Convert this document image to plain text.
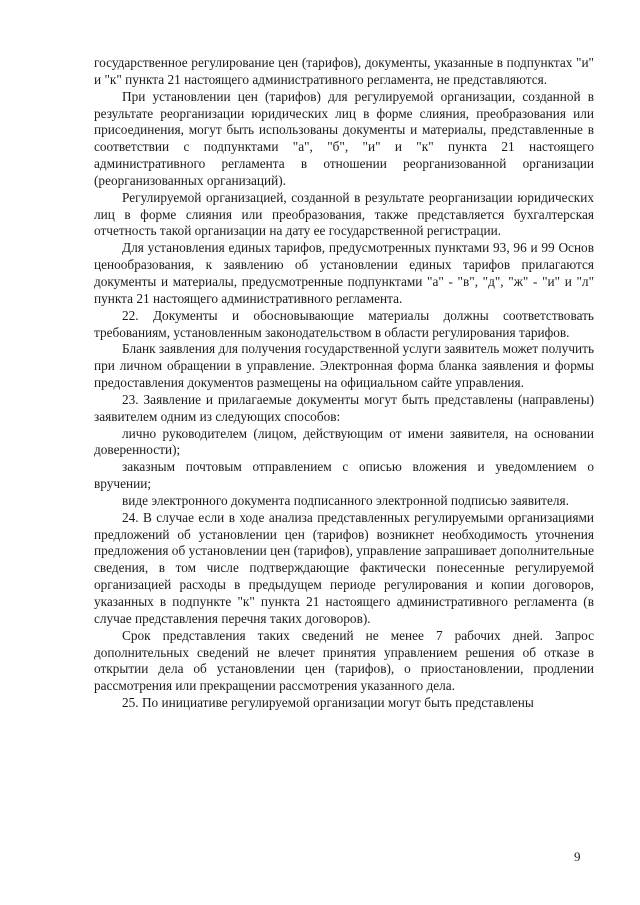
государственное регулирование цен (тарифов), документы, указанные в подпунктах "и" и "к" пункта 21 настоящего административного регламента, не представляются.

При установлении цен (тарифов) для регулируемой организации, созданной в результате реорганизации юридических лиц в форме слияния, преобразования или присоединения, могут быть использованы документы и материалы, представленные в соответствии с подпунктами "а", "б", "и" и "к" пункта 21 настоящего административного регламента в отношении реорганизованной организации (реорганизованных организаций).

Регулируемой организацией, созданной в результате реорганизации юридических лиц в форме слияния или преобразования, также представляется бухгалтерская отчетность такой организации на дату ее государственной регистрации.

Для установления единых тарифов, предусмотренных пунктами 93, 96 и 99 Основ ценообразования, к заявлению об установлении единых тарифов прилагаются документы и материалы, предусмотренные подпунктами "а" - "в", "д", "ж" - "и" и "л" пункта 21 настоящего административного регламента.

22. Документы и обосновывающие материалы должны соответствовать требованиям, установленным законодательством в области регулирования тарифов.

Бланк заявления для получения государственной услуги заявитель может получить при личном обращении в управление. Электронная форма бланка заявления и формы предоставления документов размещены на официальном сайте управления.

23. Заявление и прилагаемые документы могут быть представлены (направлены) заявителем одним из следующих способов:

лично руководителем (лицом, действующим от имени заявителя, на основании доверенности);

заказным почтовым отправлением с описью вложения и уведомлением о вручении;

виде электронного документа подписанного электронной подписью заявителя.

24. В случае если в ходе анализа представленных регулируемыми организациями предложений об установлении цен (тарифов) возникнет необходимость уточнения предложения об установлении цен (тарифов), управление запрашивает дополнительные сведения, в том числе подтверждающие фактически понесенные регулируемой организацией расходы в предыдущем периоде регулирования и копии договоров, указанных в подпункте "к" пункта 21 настоящего административного регламента (в случае представления перечня таких договоров).

Срок представления таких сведений не менее 7 рабочих дней. Запрос дополнительных сведений не влечет принятия управлением решения об отказе в открытии дела об установлении цен (тарифов), о приостановлении, продлении рассмотрения или прекращении рассмотрения указанного дела.

25. По инициативе регулируемой организации могут быть представлены

9
